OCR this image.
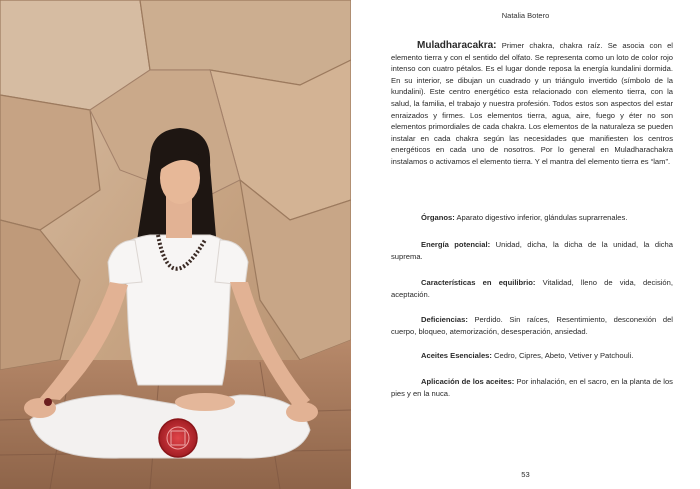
Natalia Botero
Muladharacakra: Primer chakra, chakra raíz. Se asocia con el elemento tierra y con el sentido del olfato. Se representa como un loto de color rojo intenso con cuatro pétalos. Es el lugar donde reposa la energía kundalini dormida. En su interior, se dibujan un cuadrado y un triángulo invertido (símbolo de la kundalini). Este centro energético esta relacionado con elemento tierra, con la salud, la familia, el trabajo y nuestra profesión. Todos estos son aspectos del estar enraizados y firmes. Los elementos tierra, agua, aire, fuego y éter no son elementos primordiales de cada chakra. Los elementos de la naturaleza se pueden instalar en cada chakra según las necesidades que manifiesten los centros energéticos en cada uno de nosotros. Por lo general en Muladharachakra instalamos o activamos el elemento tierra. Y el mantra del elemento tierra es “lam”.
Órganos: Aparato digestivo inferior, glándulas suprarrenales.
Energía potencial: Unidad, dicha, la dicha de la unidad, la dicha suprema.
Características en equilibrio: Vitalidad, lleno de vida, decisión, aceptación.
Deficiencias: Perdido. Sin raíces, Resentimiento, desconexión del cuerpo, bloqueo, atemorización, desesperación, ansiedad.
Aceites Esenciales: Cedro, Cipres, Abeto, Vetiver y Patchouli.
Aplicación de los aceites: Por inhalación, en el sacro, en la planta de los pies y en la nuca.
53
